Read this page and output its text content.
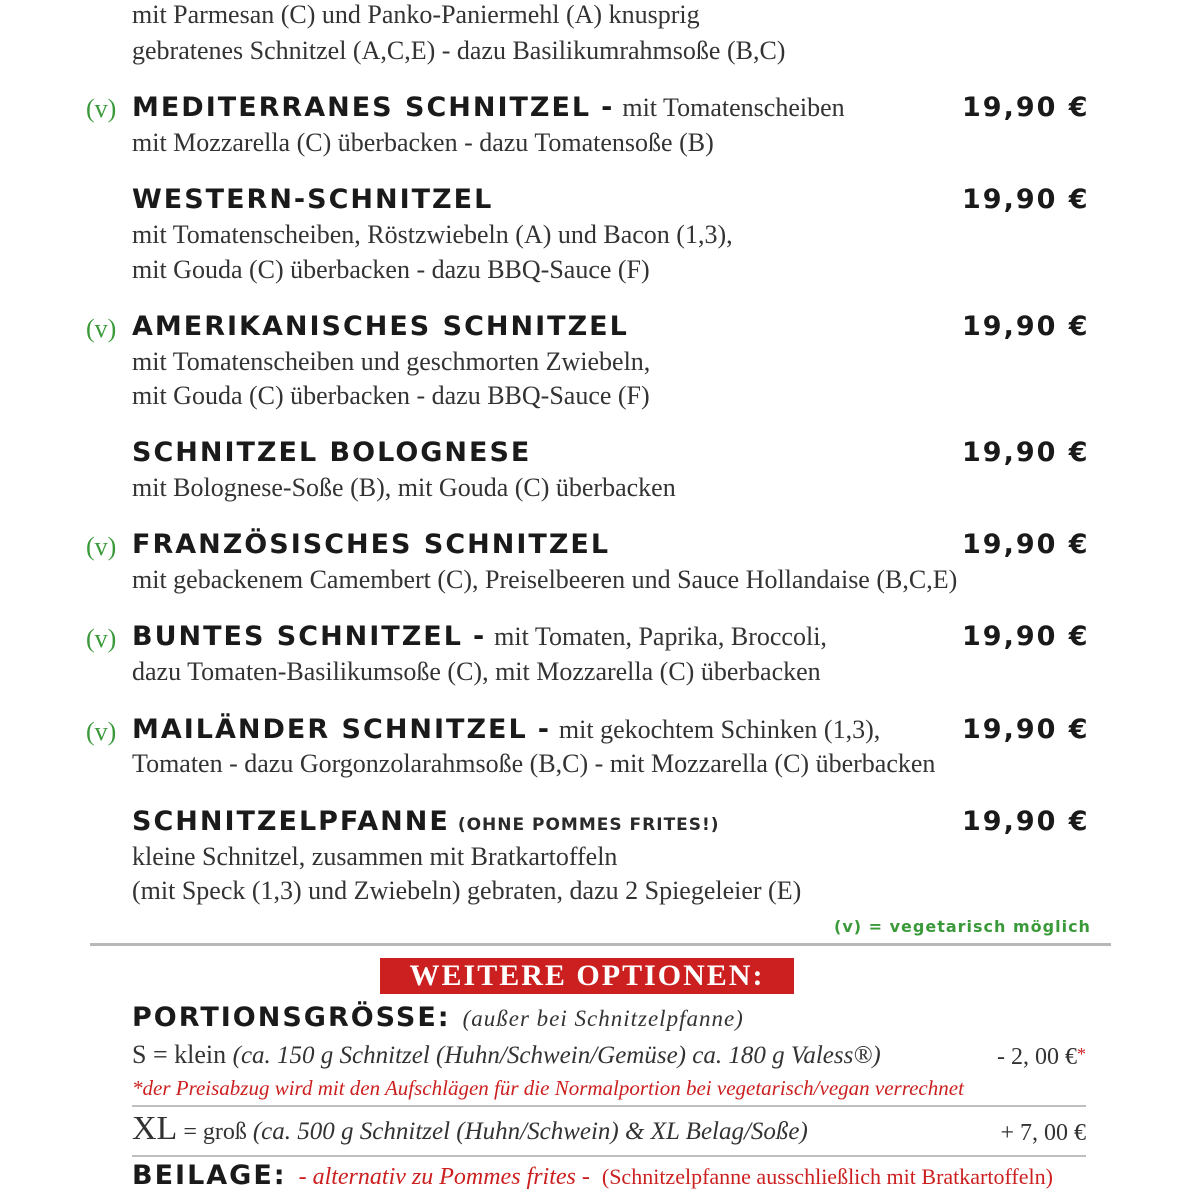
mit Parmesan (C) und Panko-Paniermehl (A) knusprig
gebratenes Schnitzel (A,C,E) - dazu Basilikumrahmsoße (B,C)
(v) MEDITERRANES SCHNITZEL - mit Tomatenscheiben	19,90 €
mit Mozzarella (C) überbacken - dazu Tomatensoße (B)
WESTERN-SCHNITZEL	19,90 €
mit Tomatenscheiben, Röstzwiebeln (A) und Bacon (1,3),
mit Gouda (C) überbacken - dazu BBQ-Sauce (F)
(v) AMERIKANISCHES SCHNITZEL	19,90 €
mit Tomatenscheiben und geschmorten Zwiebeln,
mit Gouda (C) überbacken - dazu BBQ-Sauce (F)
SCHNITZEL BOLOGNESE	19,90 €
mit Bolognese-Soße (B), mit Gouda (C) überbacken
(v) FRANZÖSISCHES SCHNITZEL	19,90 €
mit gebackenem Camembert (C), Preiselbeeren und Sauce Hollandaise (B,C,E)
(v) BUNTES SCHNITZEL - mit Tomaten, Paprika, Broccoli,	19,90 €
dazu Tomaten-Basilikumsoße (C), mit Mozzarella (C) überbacken
(v) MAILÄNDER SCHNITZEL - mit gekochtem Schinken (1,3),	19,90 €
Tomaten - dazu Gorgonzolarahmsoße (B,C) - mit Mozzarella (C) überbacken
SCHNITZELPFANNE (OHNE POMMES FRITES!)	19,90 €
kleine Schnitzel, zusammen mit Bratkartoffeln
(mit Speck (1,3) und Zwiebeln) gebraten, dazu 2 Spiegeleier (E)
(v) = vegetarisch möglich
WEITERE OPTIONEN:
PORTIONSGRÖSSE: (außer bei Schnitzelpfanne)
S = klein (ca. 150 g Schnitzel (Huhn/Schwein/Gemüse) ca. 180 g Valess®)	- 2, 00 €*
*der Preisabzug wird mit den Aufschlägen für die Normalportion bei vegetarisch/vegan verrechnet
XL = groß (ca. 500 g Schnitzel (Huhn/Schwein) & XL Belag/Soße)	+ 7, 00 €
BEILAGE: - alternativ zu Pommes frites - (Schnitzelpfanne ausschließlich mit Bratkartoffeln)
